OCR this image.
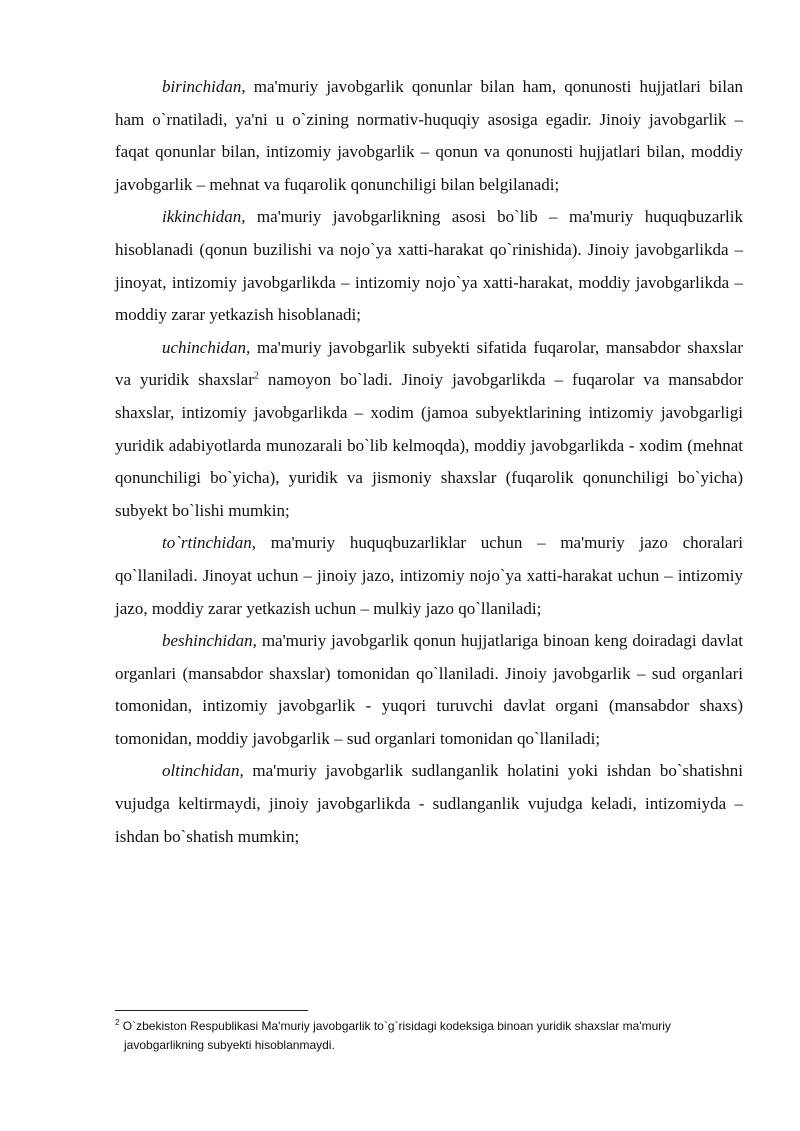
birinchidan, ma'muriy javobgarlik qonunlar bilan ham, qonunosti hujjatlari bilan ham o`rnatiladi, ya'ni u o`zining normativ-huquqiy asosiga egadir. Jinoiy javobgarlik – faqat qonunlar bilan, intizomiy javobgarlik – qonun va qonunosti hujjatlari bilan, moddiy javobgarlik – mehnat va fuqarolik qonunchiligi bilan belgilanadi;

ikkinchidan, ma'muriy javobgarlikning asosi bo`lib – ma'muriy huquqbuzarlik hisoblanadi (qonun buzilishi va nojo`ya xatti-harakat qo`rinishida). Jinoiy javobgarlikda – jinoyat, intizomiy javobgarlikda – intizomiy nojo`ya xatti-harakat, moddiy javobgarlikda – moddiy zarar yetkazish hisoblanadi;

uchinchidan, ma'muriy javobgarlik subyekti sifatida fuqarolar, mansabdor shaxslar va yuridik shaxslar$^2$ namoyon bo`ladi. Jinoiy javobgarlikda – fuqarolar va mansabdor shaxslar, intizomiy javobgarlikda – xodim (jamoa subyektlarining intizomiy javobgarligi yuridik adabiyotlarda munozarali bo`lib kelmoqda), moddiy javobgarlikda - xodim (mehnat qonunchiligi bo`yicha), yuridik va jismoniy shaxslar (fuqarolik qonunchiligi bo`yicha) subyekt bo`lishi mumkin;

to`rtinchidan, ma'muriy huquqbuzarliklar uchun – ma'muriy jazo choralari qo`llaniladi. Jinoyat uchun – jinoiy jazo, intizomiy nojo`ya xatti-harakat uchun – intizomiy jazo, moddiy zarar yetkazish uchun – mulkiy jazo qo`llaniladi;

beshinchidan, ma'muriy javobgarlik qonun hujjatlariga binoan keng doiradagi davlat organlari (mansabdor shaxslar) tomonidan qo`llaniladi. Jinoiy javobgarlik – sud organlari tomonidan, intizomiy javobgarlik - yuqori turuvchi davlat organi (mansabdor shaxs) tomonidan, moddiy javobgarlik – sud organlari tomonidan qo`llaniladi;

oltinchidan, ma'muriy javobgarlik sudlanganlik holatini yoki ishdan bo`shatishni vujudga keltirmaydi, jinoiy javobgarlikda - sudlanganlik vujudga keladi, intizomiyda – ishdan bo`shatish mumkin;

$^2$ O`zbekiston Respublikasi Ma'muriy javobgarlik to`g`risidagi kodeksiga binoan yuridik shaxslar ma'muriy javobgarlikning subyekti hisoblanmaydi.
